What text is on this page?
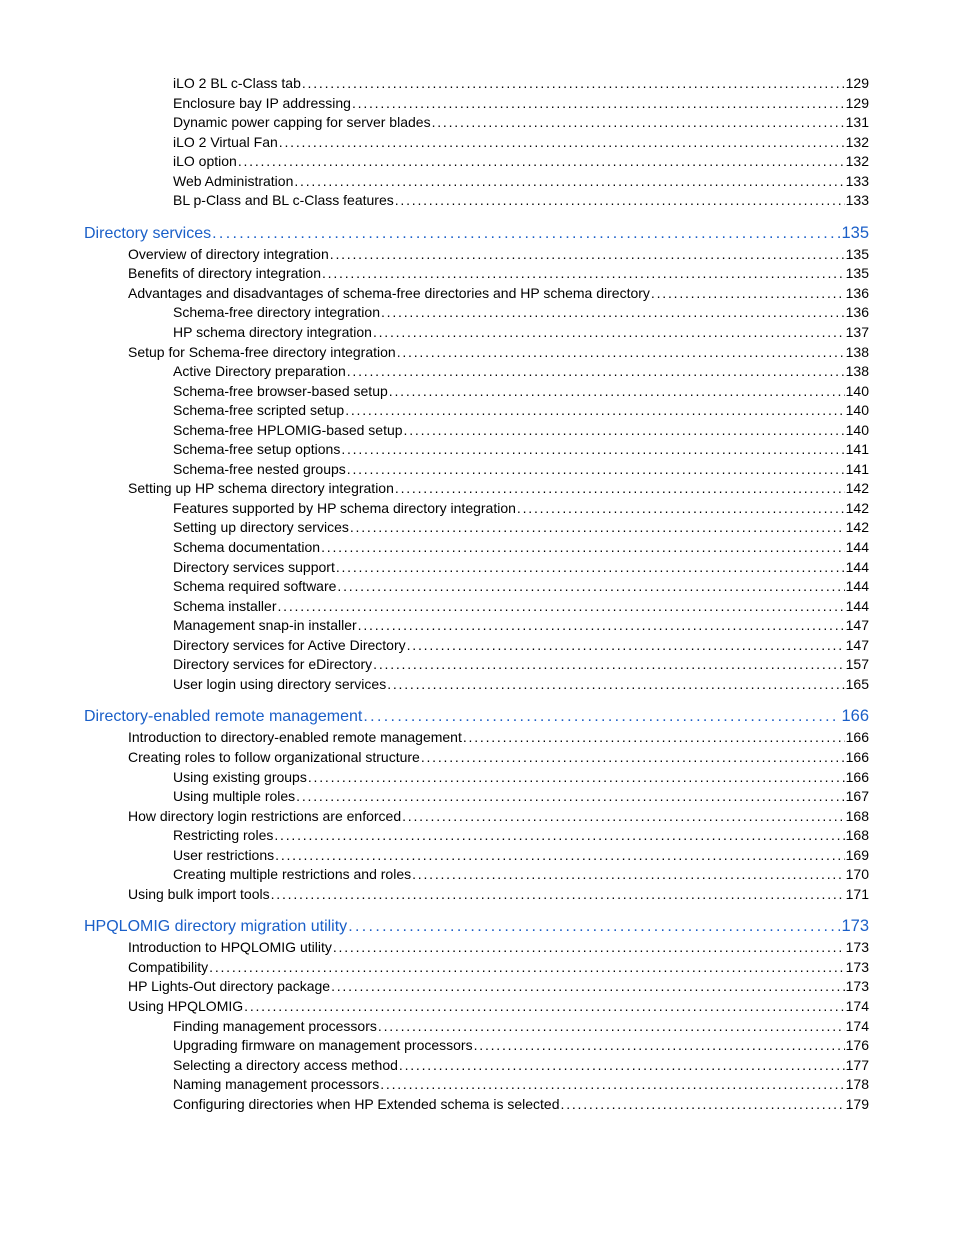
iLO 2 BL c-Class tab . . .	129
Enclosure bay IP addressing . . .	129
Dynamic power capping for server blades . . .	131
iLO 2 Virtual Fan . . .	132
iLO option . . .	132
Web Administration . . .	133
BL p-Class and BL c-Class features . . .	133
Directory services . . .	135
Overview of directory integration . . .	135
Benefits of directory integration . . .	135
Advantages and disadvantages of schema-free directories and HP schema directory . . .	136
Schema-free directory integration . . .	136
HP schema directory integration . . .	137
Setup for Schema-free directory integration . . .	138
Active Directory preparation . . .	138
Schema-free browser-based setup . . .	140
Schema-free scripted setup . . .	140
Schema-free HPLOMIG-based setup . . .	140
Schema-free setup options . . .	141
Schema-free nested groups . . .	141
Setting up HP schema directory integration . . .	142
Features supported by HP schema directory integration . . .	142
Setting up directory services . . .	142
Schema documentation . . .	144
Directory services support . . .	144
Schema required software . . .	144
Schema installer . . .	144
Management snap-in installer . . .	147
Directory services for Active Directory . . .	147
Directory services for eDirectory . . .	157
User login using directory services . . .	165
Directory-enabled remote management . . .	166
Introduction to directory-enabled remote management . . .	166
Creating roles to follow organizational structure . . .	166
Using existing groups . . .	166
Using multiple roles . . .	167
How directory login restrictions are enforced . . .	168
Restricting roles . . .	168
User restrictions . . .	169
Creating multiple restrictions and roles . . .	170
Using bulk import tools . . .	171
HPQLOMIG directory migration utility . . .	173
Introduction to HPQLOMIG utility . . .	173
Compatibility . . .	173
HP Lights-Out directory package . . .	173
Using HPQLOMIG . . .	174
Finding management processors . . .	174
Upgrading firmware on management processors . . .	176
Selecting a directory access method . . .	177
Naming management processors . . .	178
Configuring directories when HP Extended schema is selected . . .	179
